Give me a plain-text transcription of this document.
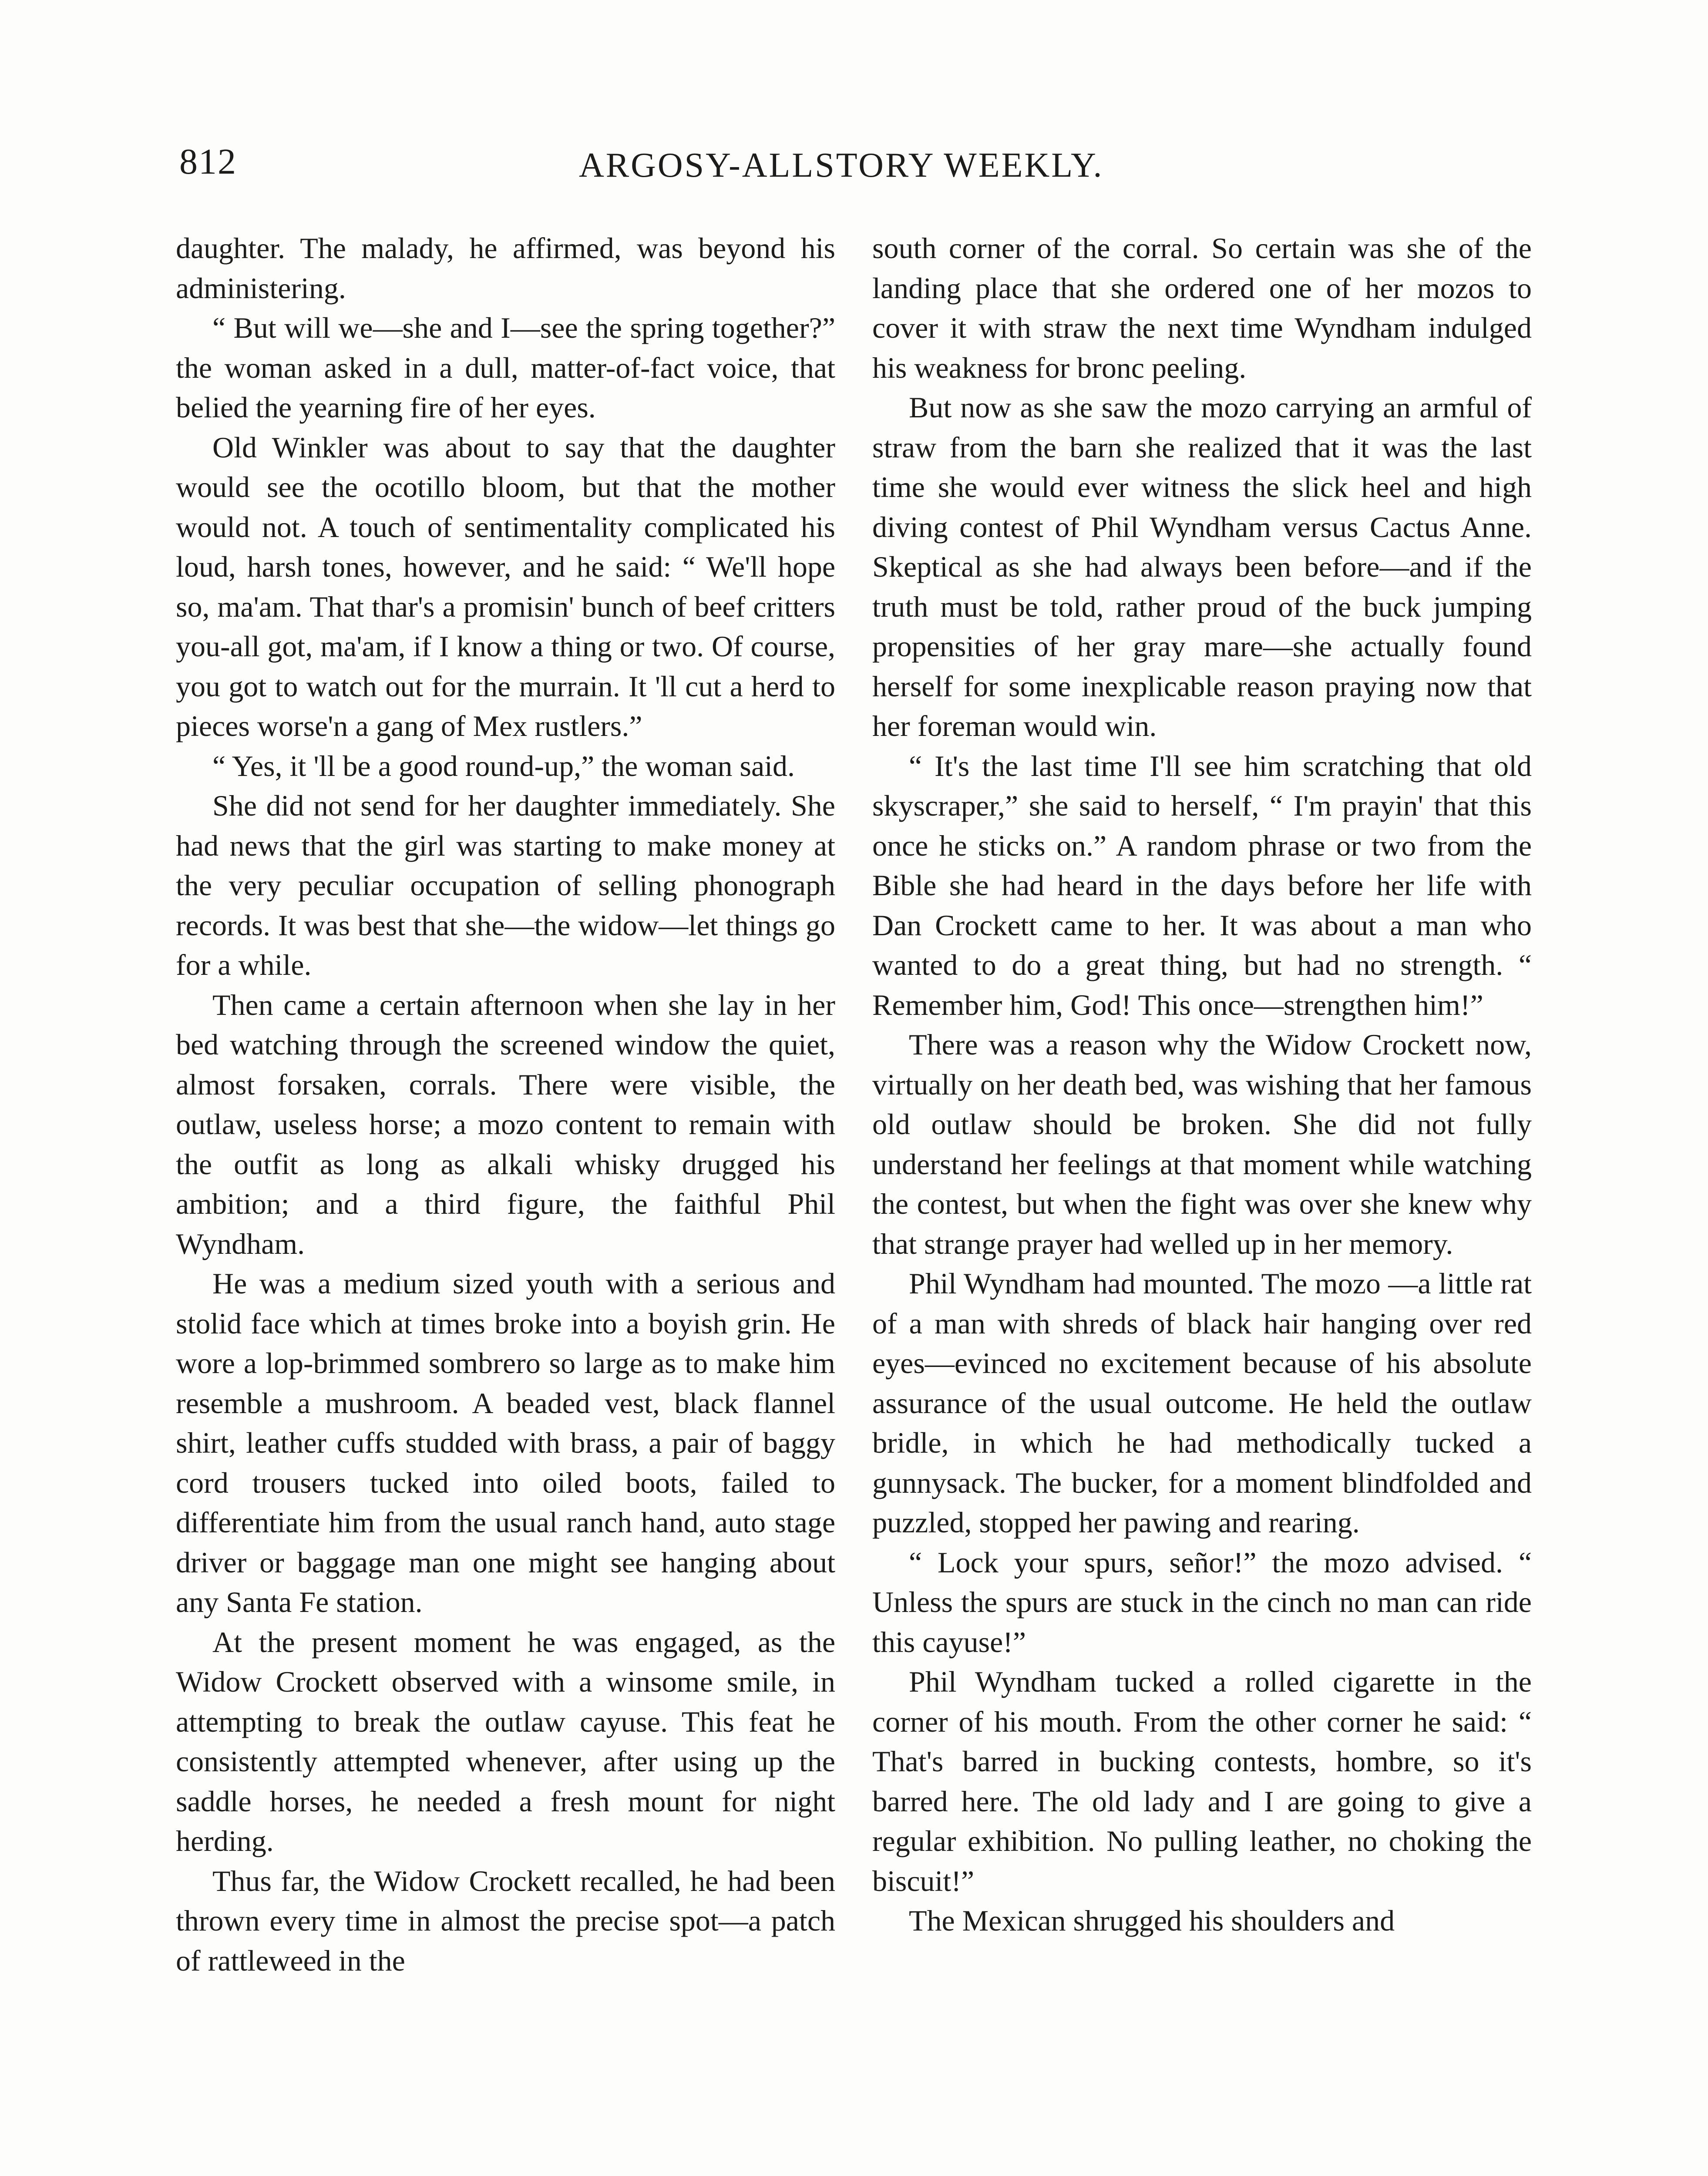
812	ARGOSY-ALLSTORY WEEKLY.

daughter. The malady, he affirmed, was beyond his administering.

“ But will we—she and I—see the spring together?” the woman asked in a dull, matter-of-fact voice, that belied the yearning fire of her eyes.

Old Winkler was about to say that the daughter would see the ocotillo bloom, but that the mother would not. A touch of sentimentality complicated his loud, harsh tones, however, and he said: “ We'll hope so, ma'am. That thar's a promisin' bunch of beef critters you-all got, ma'am, if I know a thing or two. Of course, you got to watch out for the murrain. It 'll cut a herd to pieces worse'n a gang of Mex rustlers.”

“ Yes, it 'll be a good round-up,” the woman said.

She did not send for her daughter immediately. She had news that the girl was starting to make money at the very peculiar occupation of selling phonograph records. It was best that she—the widow—let things go for a while.

Then came a certain afternoon when she lay in her bed watching through the screened window the quiet, almost forsaken, corrals. There were visible, the outlaw, useless horse; a mozo content to remain with the outfit as long as alkali whisky drugged his ambition; and a third figure, the faithful Phil Wyndham.

He was a medium sized youth with a serious and stolid face which at times broke into a boyish grin. He wore a lop-brimmed sombrero so large as to make him resemble a mushroom. A beaded vest, black flannel shirt, leather cuffs studded with brass, a pair of baggy cord trousers tucked into oiled boots, failed to differentiate him from the usual ranch hand, auto stage driver or baggage man one might see hanging about any Santa Fe station.

At the present moment he was engaged, as the Widow Crockett observed with a winsome smile, in attempting to break the outlaw cayuse. This feat he consistently attempted whenever, after using up the saddle horses, he needed a fresh mount for night herding.

Thus far, the Widow Crockett recalled, he had been thrown every time in almost the precise spot—a patch of rattleweed in the

south corner of the corral. So certain was she of the landing place that she ordered one of her mozos to cover it with straw the next time Wyndham indulged his weakness for bronc peeling.

But now as she saw the mozo carrying an armful of straw from the barn she realized that it was the last time she would ever witness the slick heel and high diving contest of Phil Wyndham versus Cactus Anne. Skeptical as she had always been before—and if the truth must be told, rather proud of the buck jumping propensities of her gray mare—she actually found herself for some inexplicable reason praying now that her foreman would win.

“ It's the last time I'll see him scratching that old skyscraper,” she said to herself, “ I'm prayin' that this once he sticks on.” A random phrase or two from the Bible she had heard in the days before her life with Dan Crockett came to her. It was about a man who wanted to do a great thing, but had no strength. “ Remember him, God! This once—strengthen him!”

There was a reason why the Widow Crockett now, virtually on her death bed, was wishing that her famous old outlaw should be broken. She did not fully understand her feelings at that moment while watching the contest, but when the fight was over she knew why that strange prayer had welled up in her memory.

Phil Wyndham had mounted. The mozo —a little rat of a man with shreds of black hair hanging over red eyes—evinced no excitement because of his absolute assurance of the usual outcome. He held the outlaw bridle, in which he had methodically tucked a gunnysack. The bucker, for a moment blindfolded and puzzled, stopped her pawing and rearing.

“ Lock your spurs, señor!” the mozo advised. “ Unless the spurs are stuck in the cinch no man can ride this cayuse!”

Phil Wyndham tucked a rolled cigarette in the corner of his mouth. From the other corner he said: “ That's barred in bucking contests, hombre, so it's barred here. The old lady and I are going to give a regular exhibition. No pulling leather, no choking the biscuit!”

The Mexican shrugged his shoulders and
